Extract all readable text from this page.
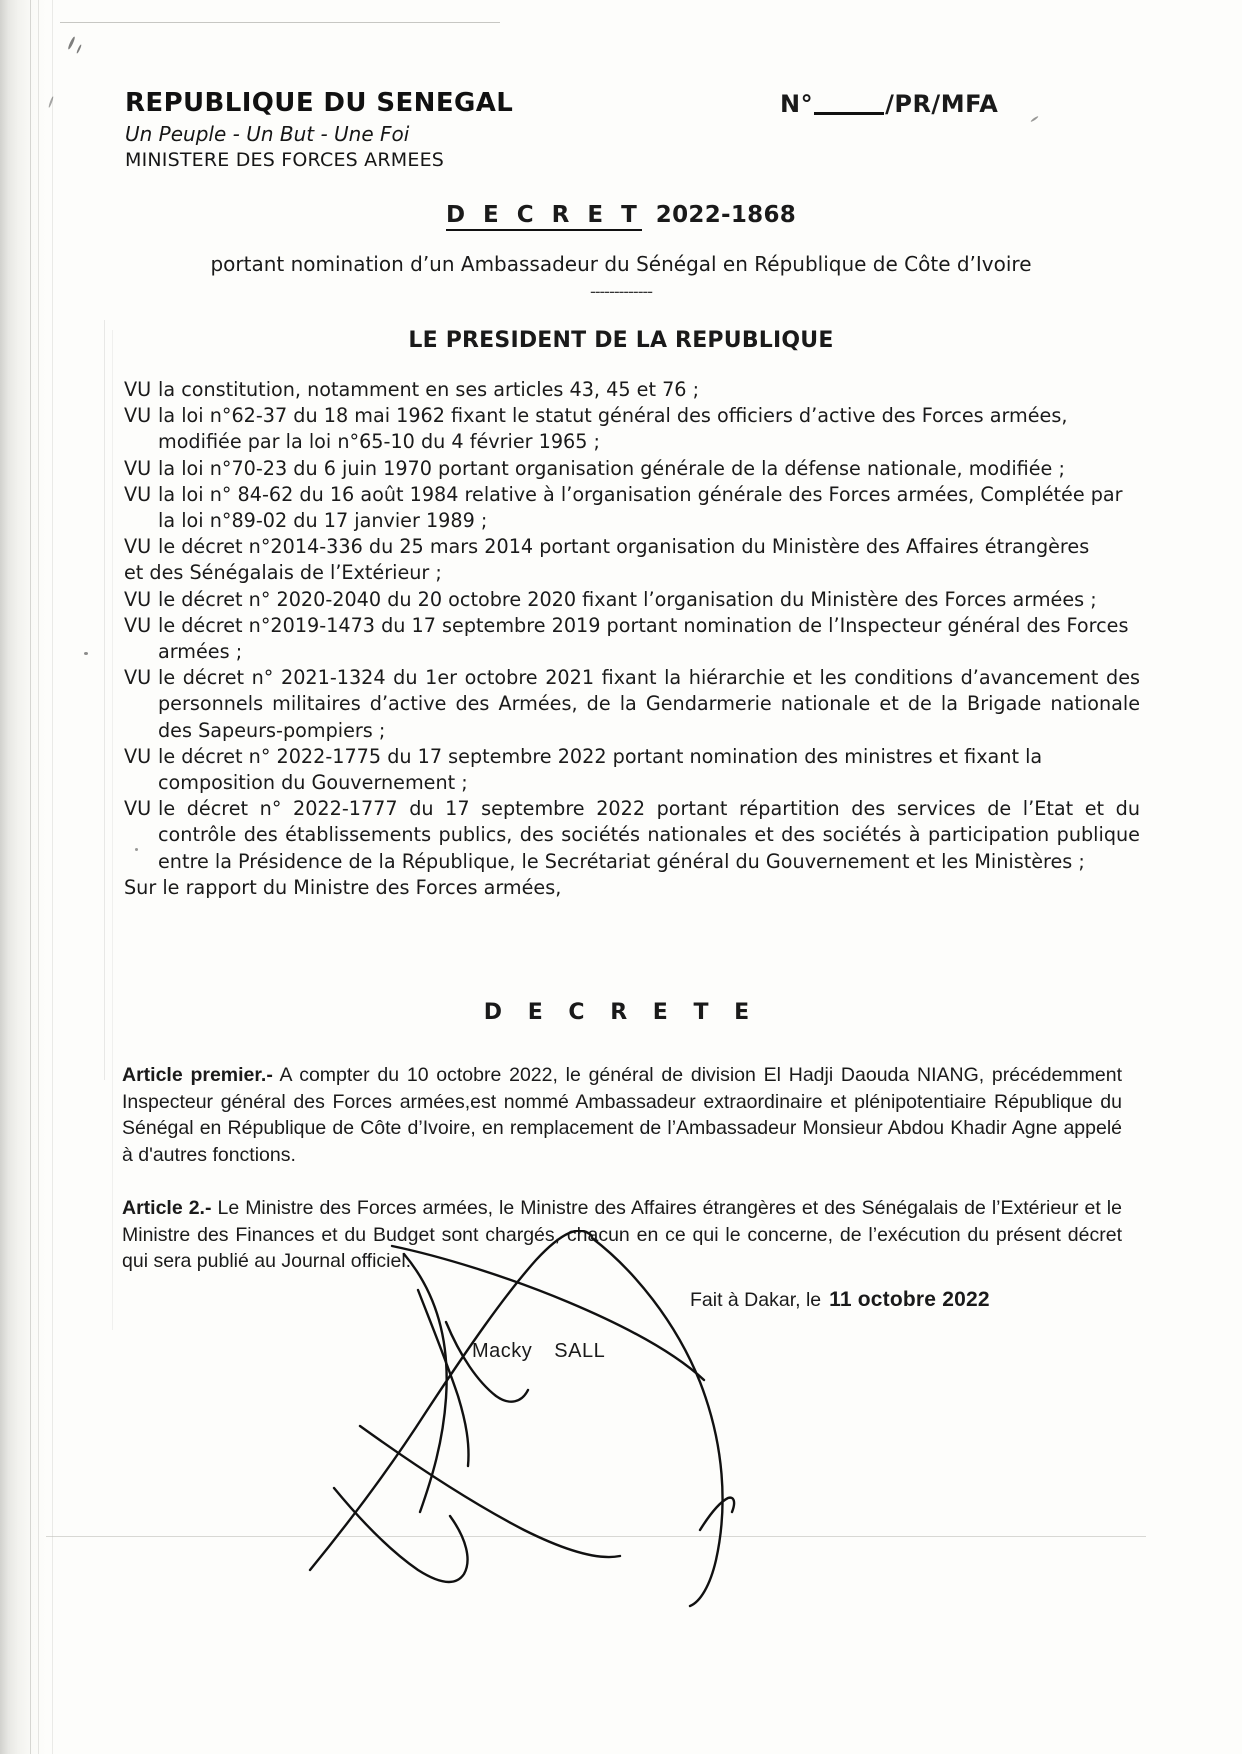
REPUBLIQUE DU SENEGAL
Un Peuple - Un But - Une Foi
MINISTERE DES FORCES ARMEES
N°	/PR/MFA
D E C R E T 2022-1868
portant nomination d’un Ambassadeur du Sénégal en République de Côte d’Ivoire
-------------
LE PRESIDENT DE LA REPUBLIQUE

VU la constitution, notamment en ses articles 43, 45 et 76 ;

VU la loi n°62-37 du 18 mai 1962 fixant le statut général des officiers d’active des Forces armées, modifiée par la loi n°65-10 du 4 février 1965 ;

VU la loi n°70-23 du 6 juin 1970 portant organisation générale de la défense nationale, modifiée ;

VU la loi n° 84-62 du 16 août 1984 relative à l’organisation générale des Forces armées, Complétée par la loi n°89-02 du 17 janvier 1989 ;

VU le décret n°2014-336 du 25 mars 2014 portant organisation du Ministère des Affaires étrangères
et des Sénégalais de l’Extérieur ;

VU le décret n° 2020-2040 du 20 octobre 2020 fixant l’organisation du Ministère des Forces armées ;

VU le décret n°2019-1473 du 17 septembre 2019 portant nomination de l’Inspecteur général des Forces armées ;

VU le décret n° 2021-1324 du 1er octobre 2021 fixant la hiérarchie et les conditions d’avancement des personnels militaires d’active des Armées, de la Gendarmerie nationale et de la Brigade nationale des Sapeurs-pompiers ;

VU le décret n° 2022-1775 du 17 septembre 2022 portant nomination des ministres et fixant la composition du Gouvernement ;

VU le décret n° 2022-1777 du 17 septembre 2022 portant répartition des services de l’Etat et du contrôle des établissements publics, des sociétés nationales et des sociétés à participation publique entre la Présidence de la République, le Secrétariat général du Gouvernement et les Ministères ;

Sur le rapport du Ministre des Forces armées,

D E C R E T E

Article premier.- A compter du 10 octobre 2022, le général de division El Hadji Daouda NIANG, précédemment Inspecteur général des Forces armées,est nommé Ambassadeur extraordinaire et plénipotentiaire République du Sénégal en République de Côte d’Ivoire, en remplacement de l’Ambassadeur Monsieur Abdou Khadir Agne appelé à d'autres fonctions.

Article 2.- Le Ministre des Forces armées, le Ministre des Affaires étrangères et des Sénégalais de l’Extérieur et le Ministre des Finances et du Budget sont chargés, chacun en ce qui le concerne, de l’exécution du présent décret qui sera publié au Journal officiel.

Fait à Dakar, le 11 octobre 2022
Macky SALL
